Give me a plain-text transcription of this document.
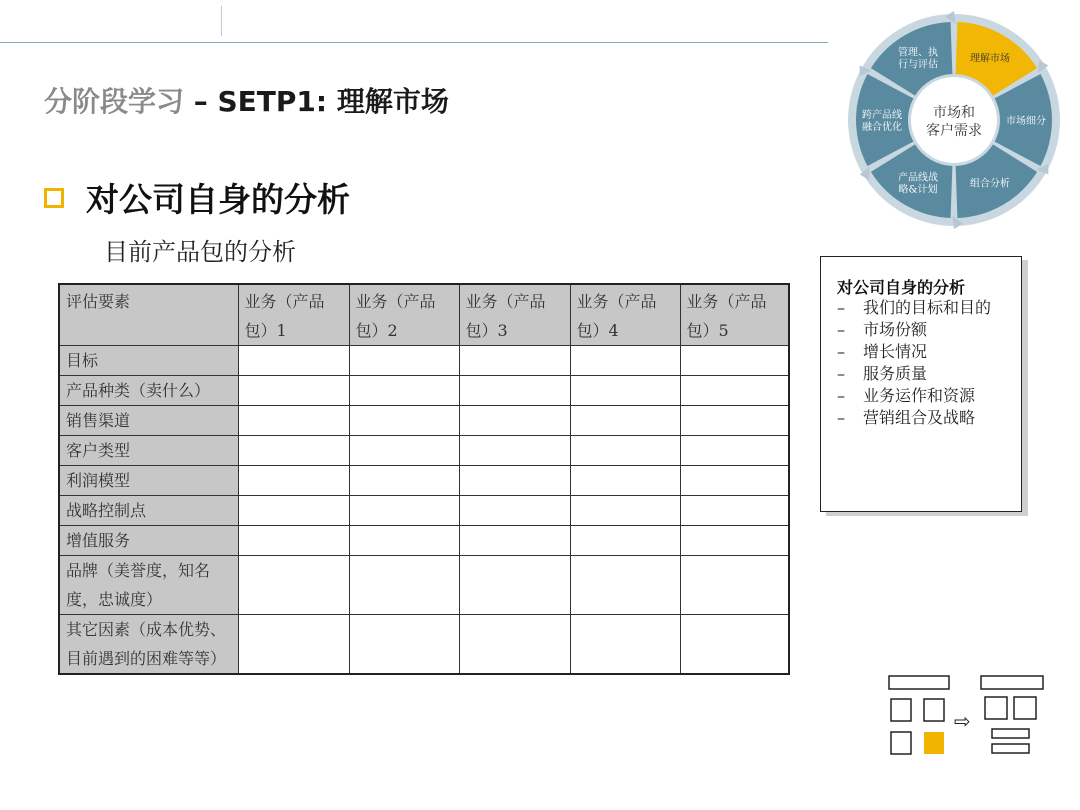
分阶段学习 – SETP1: 理解市场
对公司自身的分析
目前产品包的分析
评估要素	业务（产品包）1	业务（产品包）2	业务（产品包）3	业务（产品包）4	业务（产品包）5
目标					
产品种类（卖什么）					
销售渠道					
客户类型					
利润模型					
战略控制点					
增值服务					
品牌（美誉度，知名度，忠诚度）					
其它因素（成本优势、目前遇到的困难等等）					
对公司自身的分析
– 我们的目标和目的
– 市场份额
– 增长情况
– 服务质量
– 业务运作和资源
– 营销组合及战略
理解市场
市场细分
组合分析
产品线战
略&计划
跨产品线
融合优化
管理、执
行与评估
市场和
客户需求
⇨
